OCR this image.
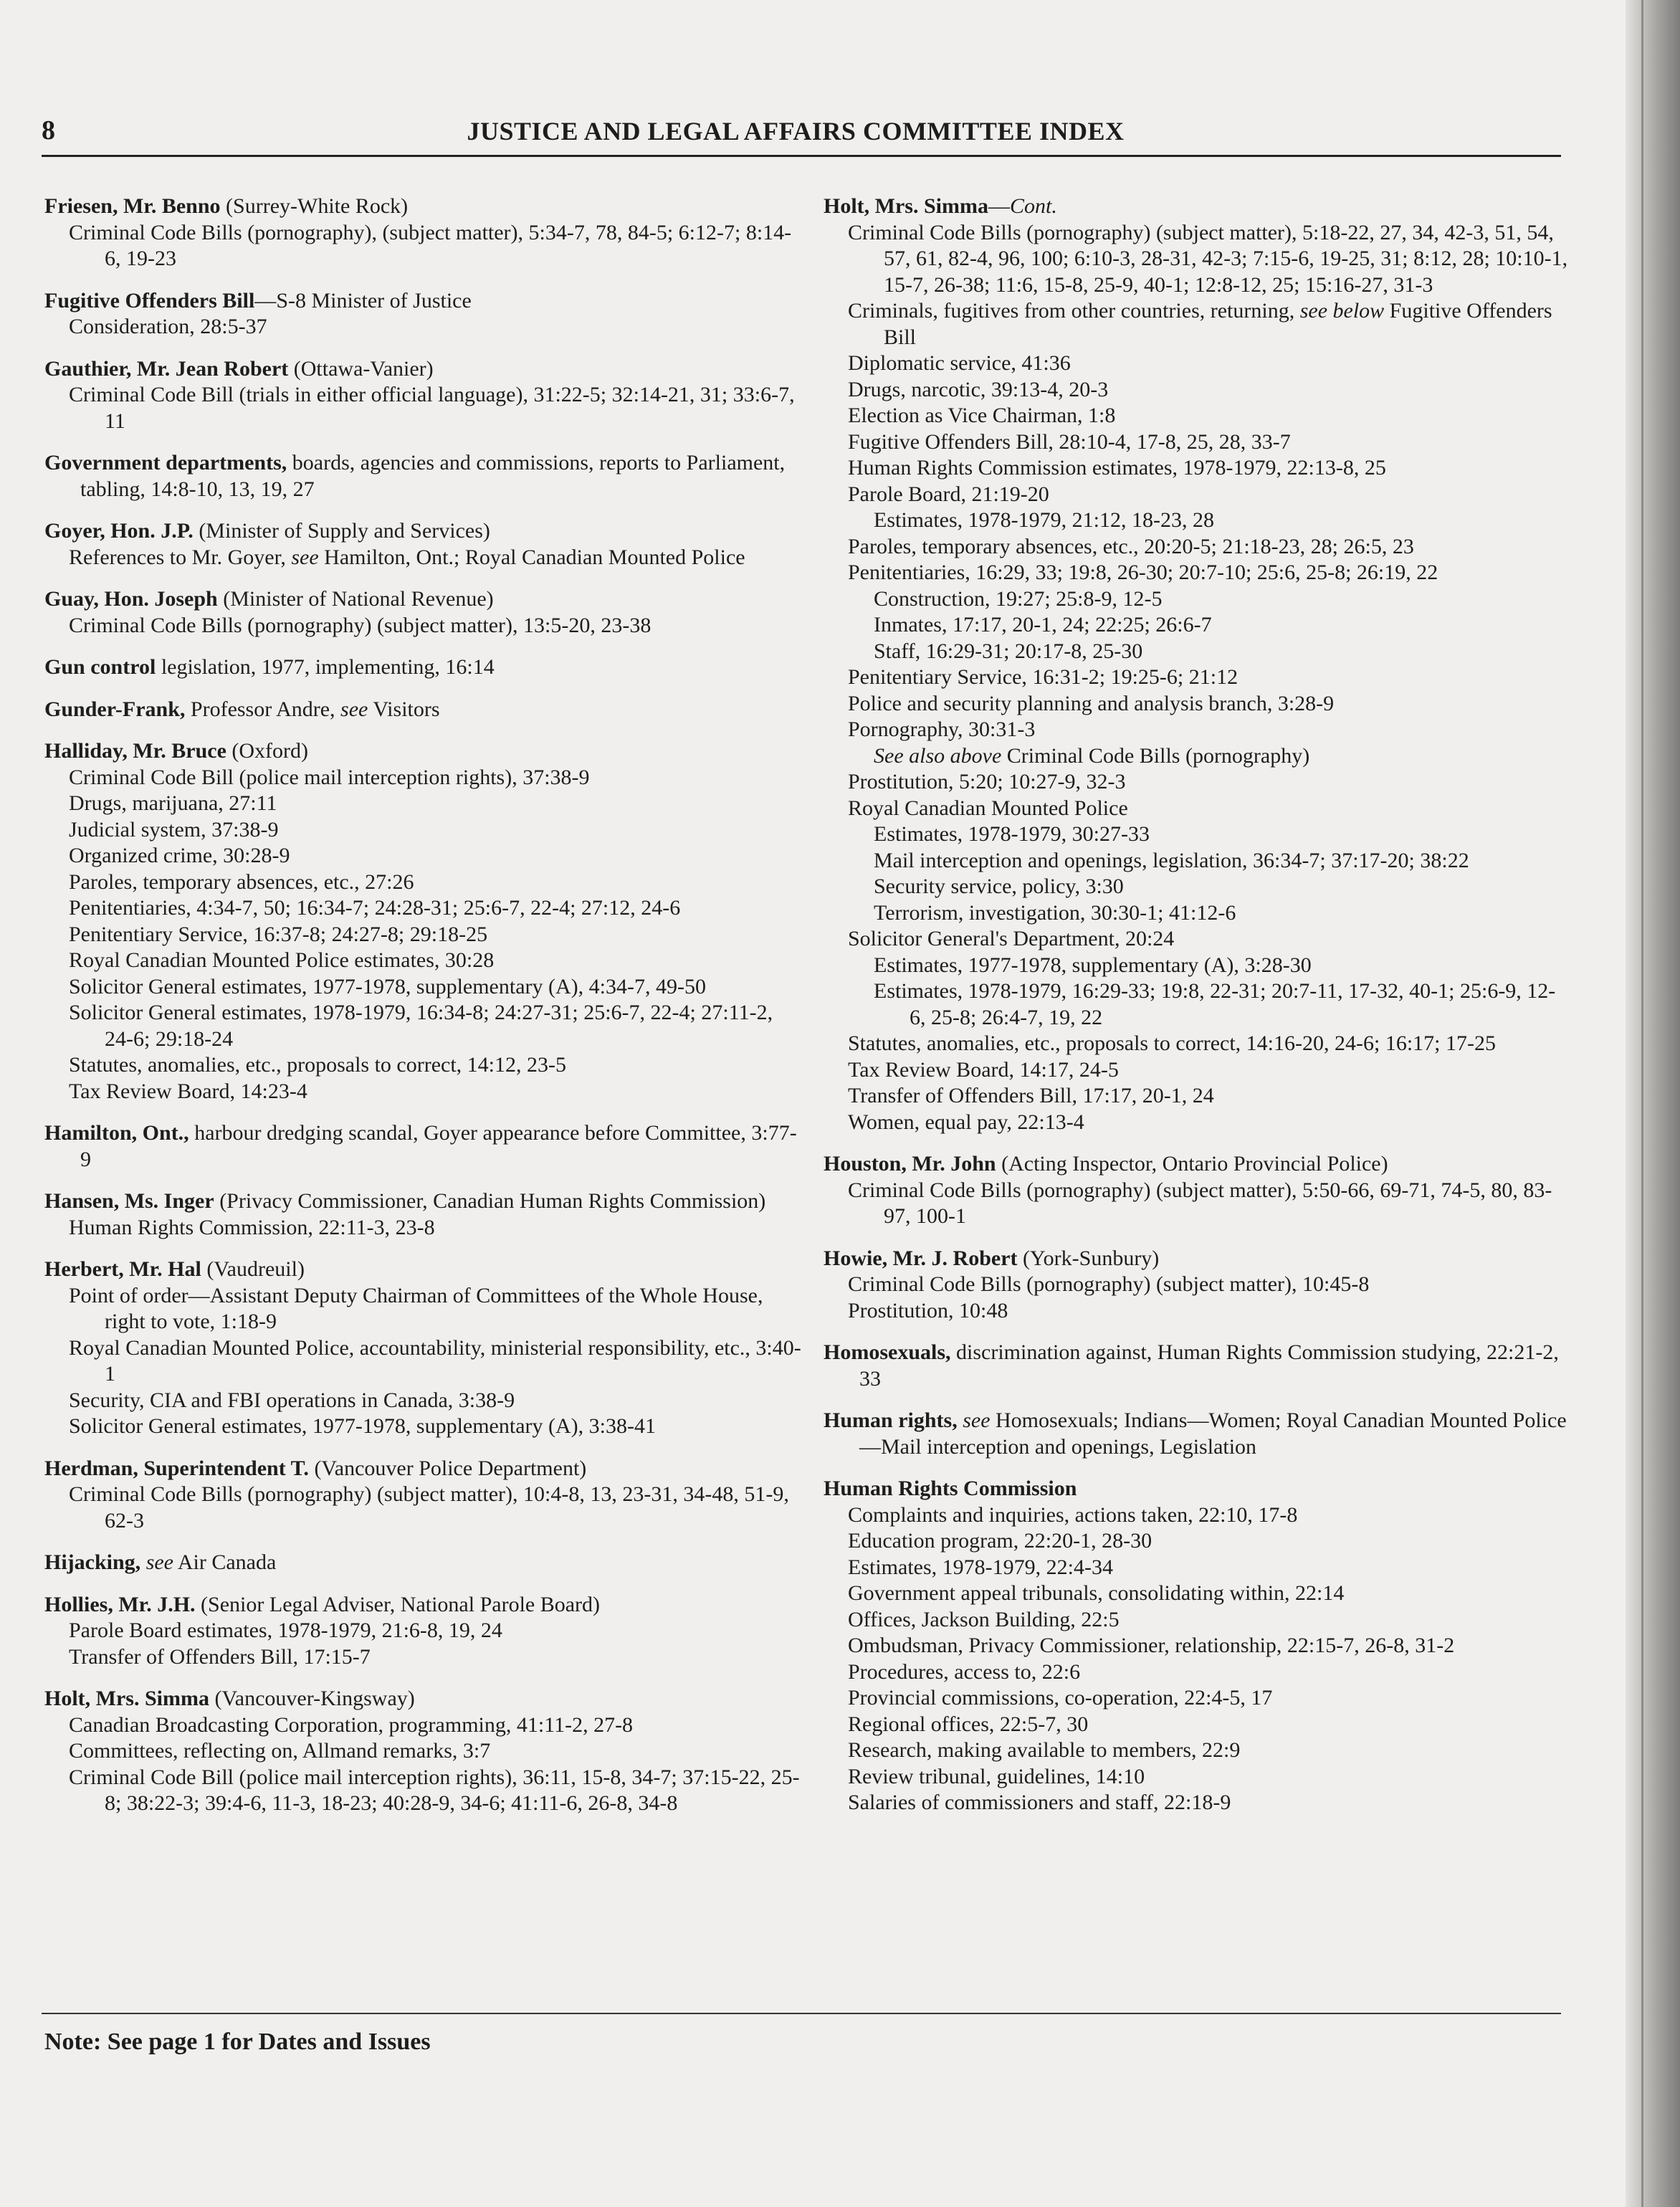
8	JUSTICE AND LEGAL AFFAIRS COMMITTEE INDEX
Friesen, Mr. Benno (Surrey-White Rock)
Criminal Code Bills (pornography), (subject matter), 5:34-7, 78, 84-5; 6:12-7; 8:14-6, 19-23
Fugitive Offenders Bill—S-8 Minister of Justice
Consideration, 28:5-37
Gauthier, Mr. Jean Robert (Ottawa-Vanier)
Criminal Code Bill (trials in either official language), 31:22-5; 32:14-21, 31; 33:6-7, 11
Government departments, boards, agencies and commissions, reports to Parliament, tabling, 14:8-10, 13, 19, 27
Goyer, Hon. J.P. (Minister of Supply and Services)
References to Mr. Goyer, see Hamilton, Ont.; Royal Canadian Mounted Police
Guay, Hon. Joseph (Minister of National Revenue)
Criminal Code Bills (pornography) (subject matter), 13:5-20, 23-38
Gun control legislation, 1977, implementing, 16:14
Gunder-Frank, Professor Andre, see Visitors
Halliday, Mr. Bruce (Oxford)
Criminal Code Bill (police mail interception rights), 37:38-9
Drugs, marijuana, 27:11
Judicial system, 37:38-9
Organized crime, 30:28-9
Paroles, temporary absences, etc., 27:26
Penitentiaries, 4:34-7, 50; 16:34-7; 24:28-31; 25:6-7, 22-4; 27:12, 24-6
Penitentiary Service, 16:37-8; 24:27-8; 29:18-25
Royal Canadian Mounted Police estimates, 30:28
Solicitor General estimates, 1977-1978, supplementary (A), 4:34-7, 49-50
Solicitor General estimates, 1978-1979, 16:34-8; 24:27-31; 25:6-7, 22-4; 27:11-2, 24-6; 29:18-24
Statutes, anomalies, etc., proposals to correct, 14:12, 23-5
Tax Review Board, 14:23-4
Hamilton, Ont., harbour dredging scandal, Goyer appearance before Committee, 3:77-9
Hansen, Ms. Inger (Privacy Commissioner, Canadian Human Rights Commission)
Human Rights Commission, 22:11-3, 23-8
Herbert, Mr. Hal (Vaudreuil)
Point of order—Assistant Deputy Chairman of Committees of the Whole House, right to vote, 1:18-9
Royal Canadian Mounted Police, accountability, ministerial responsibility, etc., 3:40-1
Security, CIA and FBI operations in Canada, 3:38-9
Solicitor General estimates, 1977-1978, supplementary (A), 3:38-41
Herdman, Superintendent T. (Vancouver Police Department)
Criminal Code Bills (pornography) (subject matter), 10:4-8, 13, 23-31, 34-48, 51-9, 62-3
Hijacking, see Air Canada
Hollies, Mr. J.H. (Senior Legal Adviser, National Parole Board)
Parole Board estimates, 1978-1979, 21:6-8, 19, 24
Transfer of Offenders Bill, 17:15-7
Holt, Mrs. Simma (Vancouver-Kingsway)
Canadian Broadcasting Corporation, programming, 41:11-2, 27-8
Committees, reflecting on, Allmand remarks, 3:7
Criminal Code Bill (police mail interception rights), 36:11, 15-8, 34-7; 37:15-22, 25-8; 38:22-3; 39:4-6, 11-3, 18-23; 40:28-9, 34-6; 41:11-6, 26-8, 34-8
Holt, Mrs. Simma—Cont.
Criminal Code Bills (pornography) (subject matter), 5:18-22, 27, 34, 42-3, 51, 54, 57, 61, 82-4, 96, 100; 6:10-3, 28-31, 42-3; 7:15-6, 19-25, 31; 8:12, 28; 10:10-1, 15-7, 26-38; 11:6, 15-8, 25-9, 40-1; 12:8-12, 25; 15:16-27, 31-3
Criminals, fugitives from other countries, returning, see below Fugitive Offenders Bill
Diplomatic service, 41:36
Drugs, narcotic, 39:13-4, 20-3
Election as Vice Chairman, 1:8
Fugitive Offenders Bill, 28:10-4, 17-8, 25, 28, 33-7
Human Rights Commission estimates, 1978-1979, 22:13-8, 25
Parole Board, 21:19-20
Estimates, 1978-1979, 21:12, 18-23, 28
Paroles, temporary absences, etc., 20:20-5; 21:18-23, 28; 26:5, 23
Penitentiaries, 16:29, 33; 19:8, 26-30; 20:7-10; 25:6, 25-8; 26:19, 22
Construction, 19:27; 25:8-9, 12-5
Inmates, 17:17, 20-1, 24; 22:25; 26:6-7
Staff, 16:29-31; 20:17-8, 25-30
Penitentiary Service, 16:31-2; 19:25-6; 21:12
Police and security planning and analysis branch, 3:28-9
Pornography, 30:31-3
See also above Criminal Code Bills (pornography)
Prostitution, 5:20; 10:27-9, 32-3
Royal Canadian Mounted Police
Estimates, 1978-1979, 30:27-33
Mail interception and openings, legislation, 36:34-7; 37:17-20; 38:22
Security service, policy, 3:30
Terrorism, investigation, 30:30-1; 41:12-6
Solicitor General's Department, 20:24
Estimates, 1977-1978, supplementary (A), 3:28-30
Estimates, 1978-1979, 16:29-33; 19:8, 22-31; 20:7-11, 17-32, 40-1; 25:6-9, 12-6, 25-8; 26:4-7, 19, 22
Statutes, anomalies, etc., proposals to correct, 14:16-20, 24-6; 16:17; 17-25
Tax Review Board, 14:17, 24-5
Transfer of Offenders Bill, 17:17, 20-1, 24
Women, equal pay, 22:13-4
Houston, Mr. John (Acting Inspector, Ontario Provincial Police)
Criminal Code Bills (pornography) (subject matter), 5:50-66, 69-71, 74-5, 80, 83-97, 100-1
Howie, Mr. J. Robert (York-Sunbury)
Criminal Code Bills (pornography) (subject matter), 10:45-8
Prostitution, 10:48
Homosexuals, discrimination against, Human Rights Commission studying, 22:21-2, 33
Human rights, see Homosexuals; Indians—Women; Royal Canadian Mounted Police—Mail interception and openings, Legislation
Human Rights Commission
Complaints and inquiries, actions taken, 22:10, 17-8
Education program, 22:20-1, 28-30
Estimates, 1978-1979, 22:4-34
Government appeal tribunals, consolidating within, 22:14
Offices, Jackson Building, 22:5
Ombudsman, Privacy Commissioner, relationship, 22:15-7, 26-8, 31-2
Procedures, access to, 22:6
Provincial commissions, co-operation, 22:4-5, 17
Regional offices, 22:5-7, 30
Research, making available to members, 22:9
Review tribunal, guidelines, 14:10
Salaries of commissioners and staff, 22:18-9
Note: See page 1 for Dates and Issues
